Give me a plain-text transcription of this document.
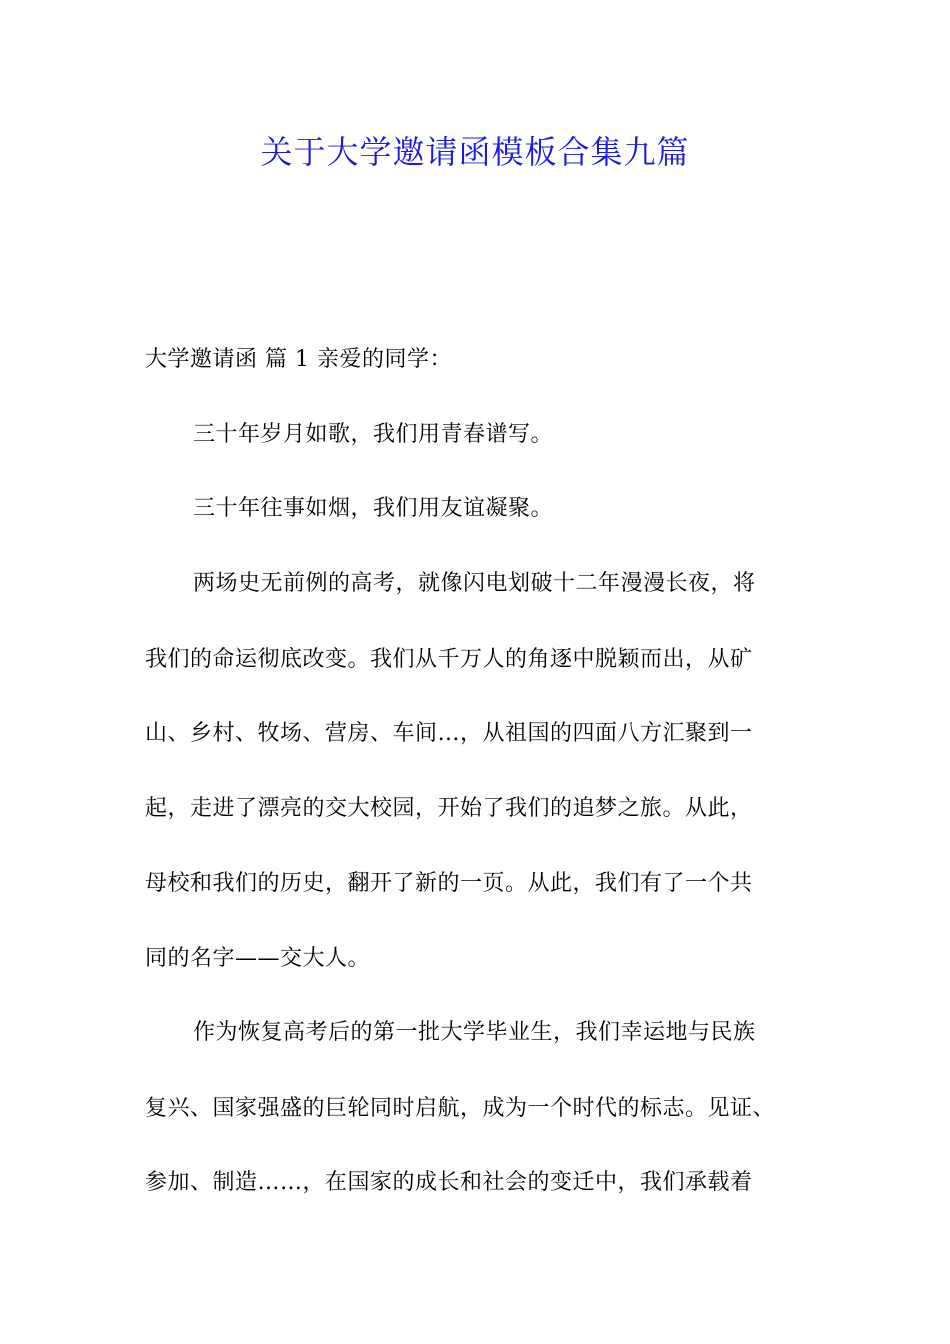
关于大学邀请函模板合集九篇

大学邀请函 篇 1 亲爱的同学：

三十年岁月如歌，我们用青春谱写。

三十年往事如烟，我们用友谊凝聚。

两场史无前例的高考，就像闪电划破十二年漫漫长夜，将

我们的命运彻底改变。我们从千万人的角逐中脱颖而出，从矿

山、乡村、牧场、营房、车间…，从祖国的四面八方汇聚到一

起，走进了漂亮的交大校园，开始了我们的追梦之旅。从此，

母校和我们的历史，翻开了新的一页。从此，我们有了一个共

同的名字——交大人。

作为恢复高考后的第一批大学毕业生，我们幸运地与民族

复兴、国家强盛的巨轮同时启航，成为一个时代的标志。见证、

参加、制造……，在国家的成长和社会的变迁中，我们承载着
